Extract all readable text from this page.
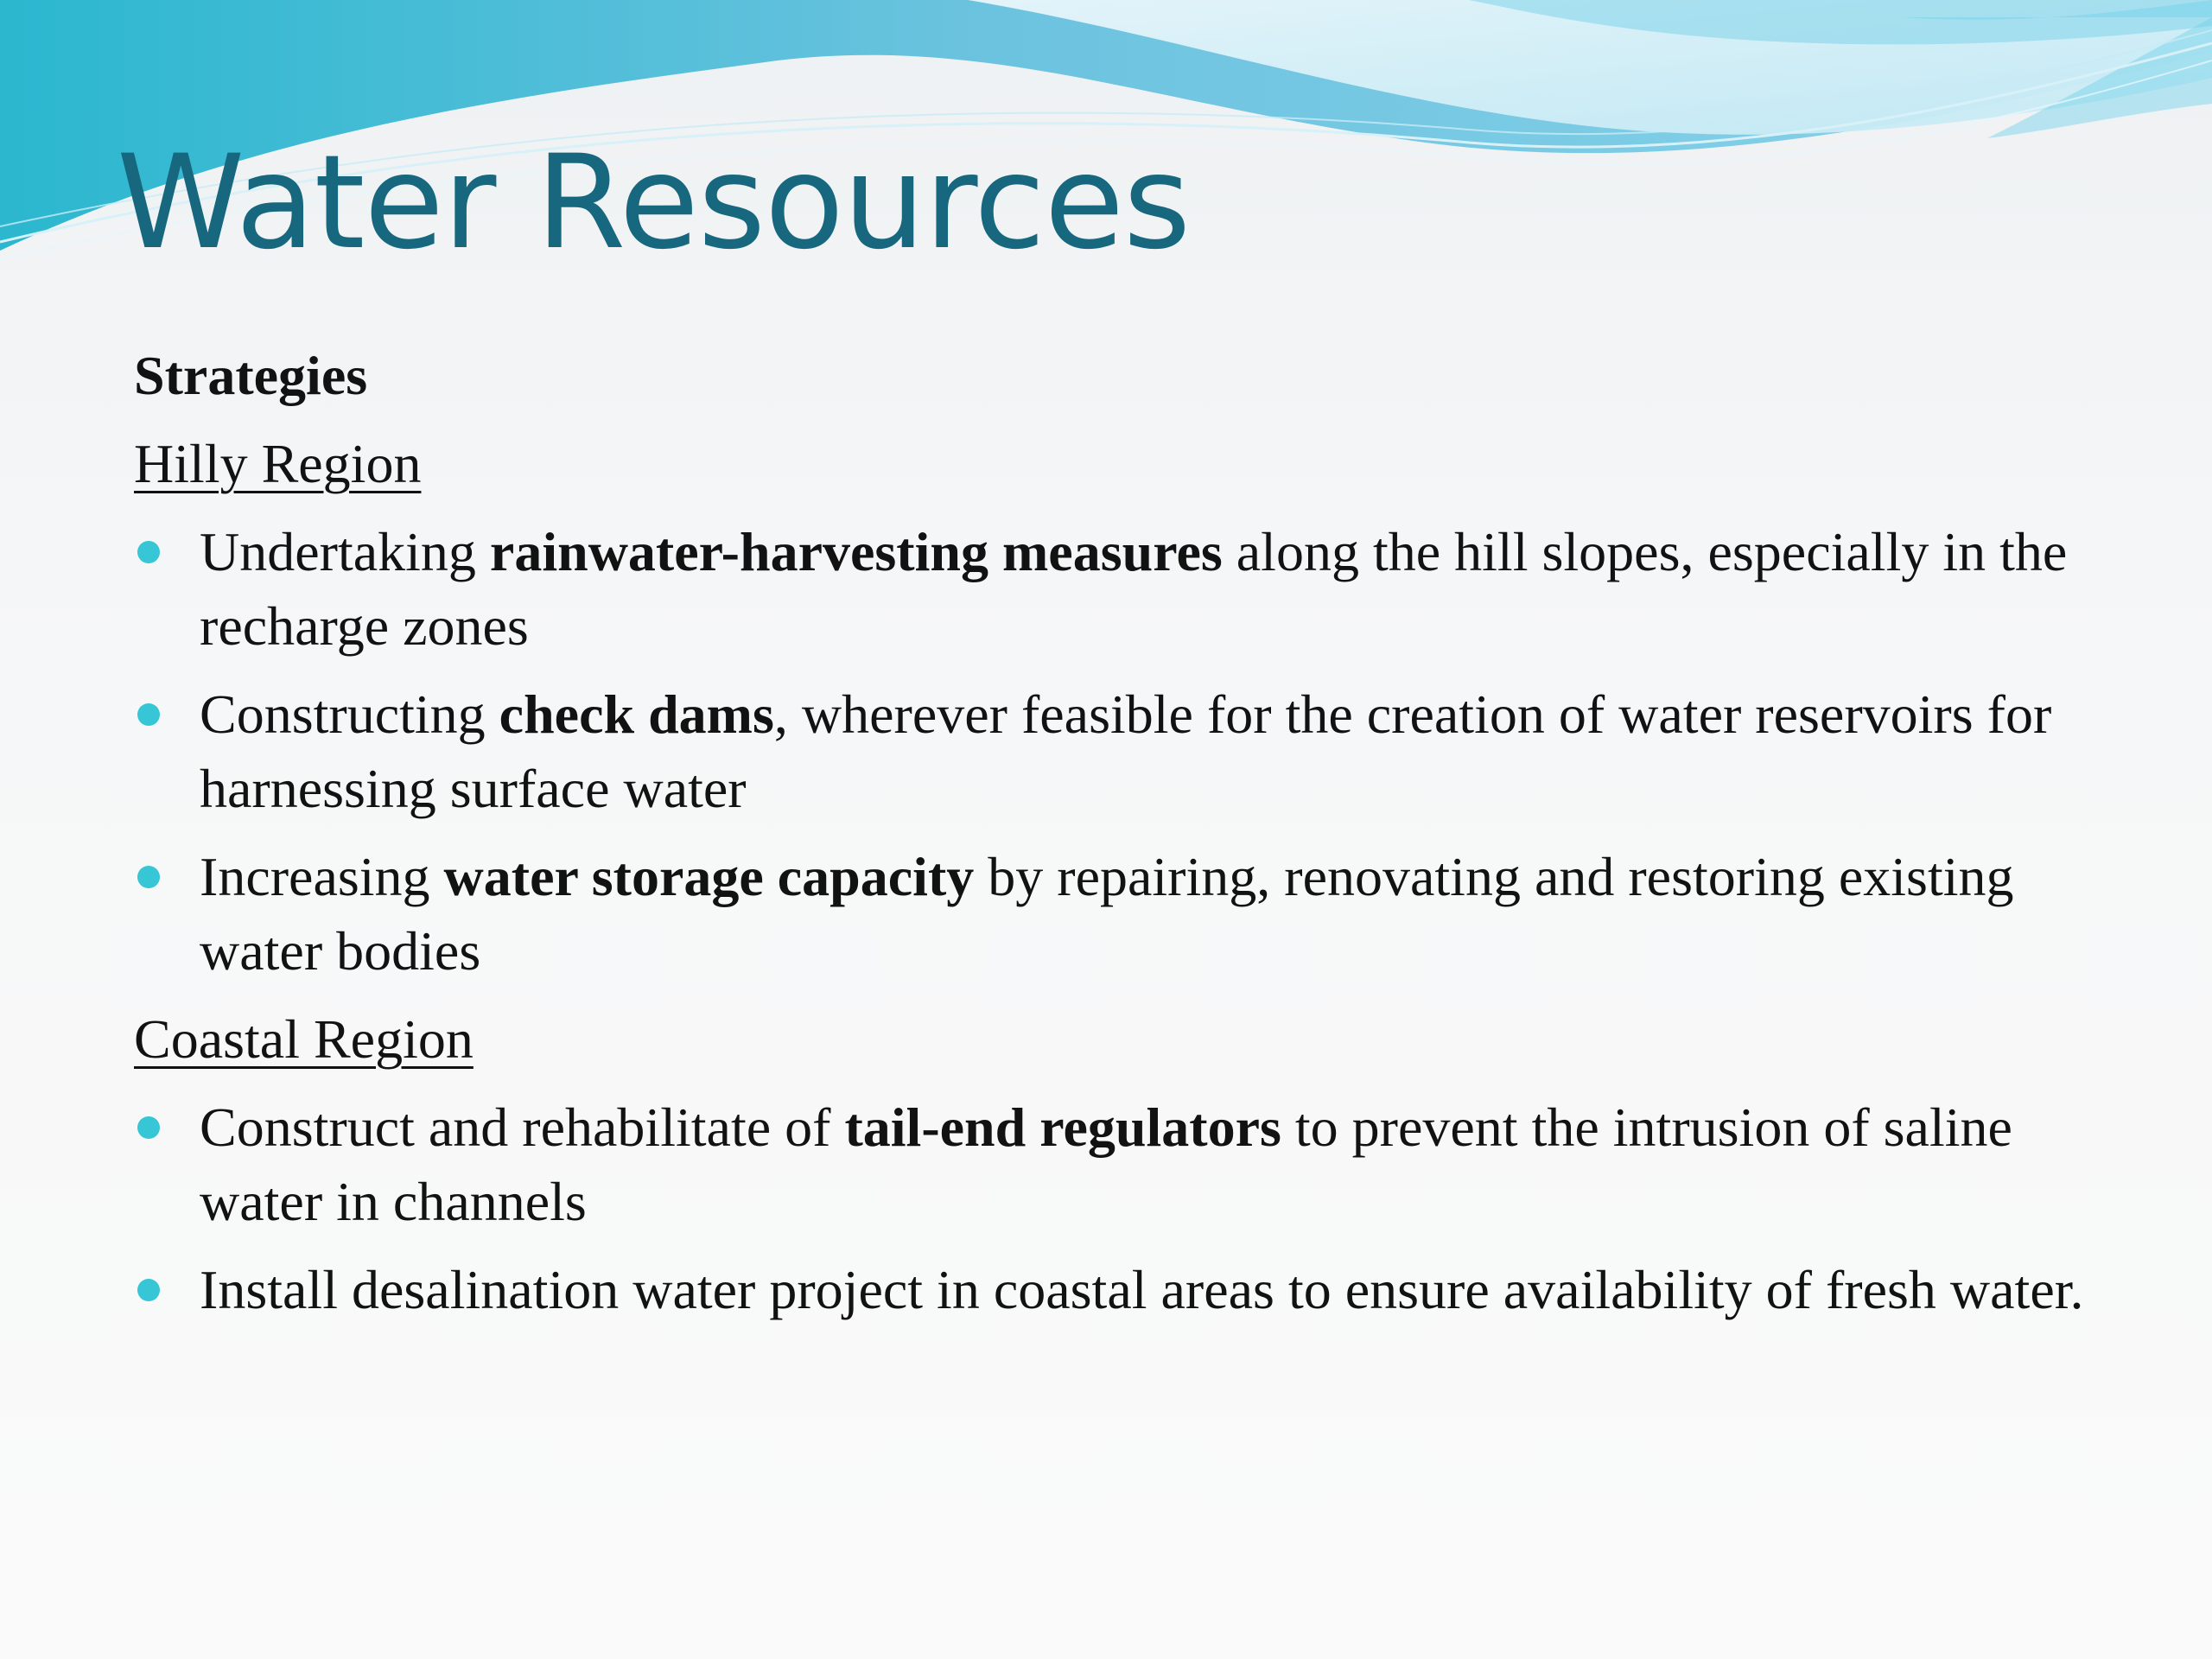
Water Resources
Strategies
Hilly Region
Undertaking rainwater-harvesting measures along the hill slopes, especially in the recharge zones
Constructing check dams, wherever feasible for the creation of water reservoirs for harnessing surface water
Increasing water storage capacity by repairing, renovating and restoring existing water bodies
Coastal Region
Construct and rehabilitate of tail-end regulators to prevent the intrusion of saline water in channels
Install desalination water project in coastal areas to ensure availability of fresh water.
